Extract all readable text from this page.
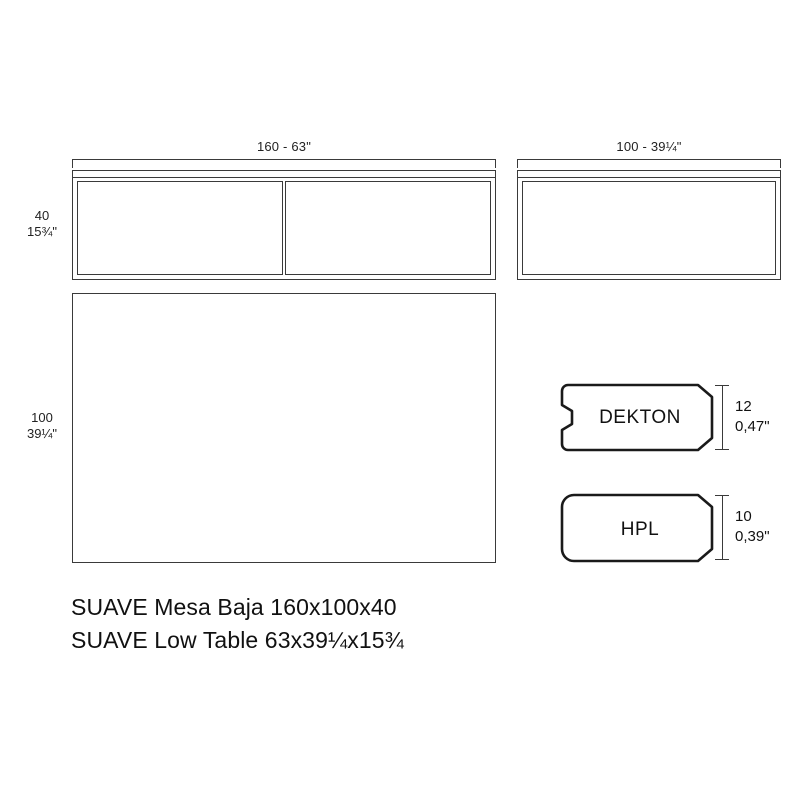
160 - 63"	100 - 39¼"
40
15¾"
100
39¼"
DEKTON	12
0,47"
HPL
10
0,39"
SUAVE Mesa Baja 160x100x40
SUAVE Low Table 63x39¼x15¾
